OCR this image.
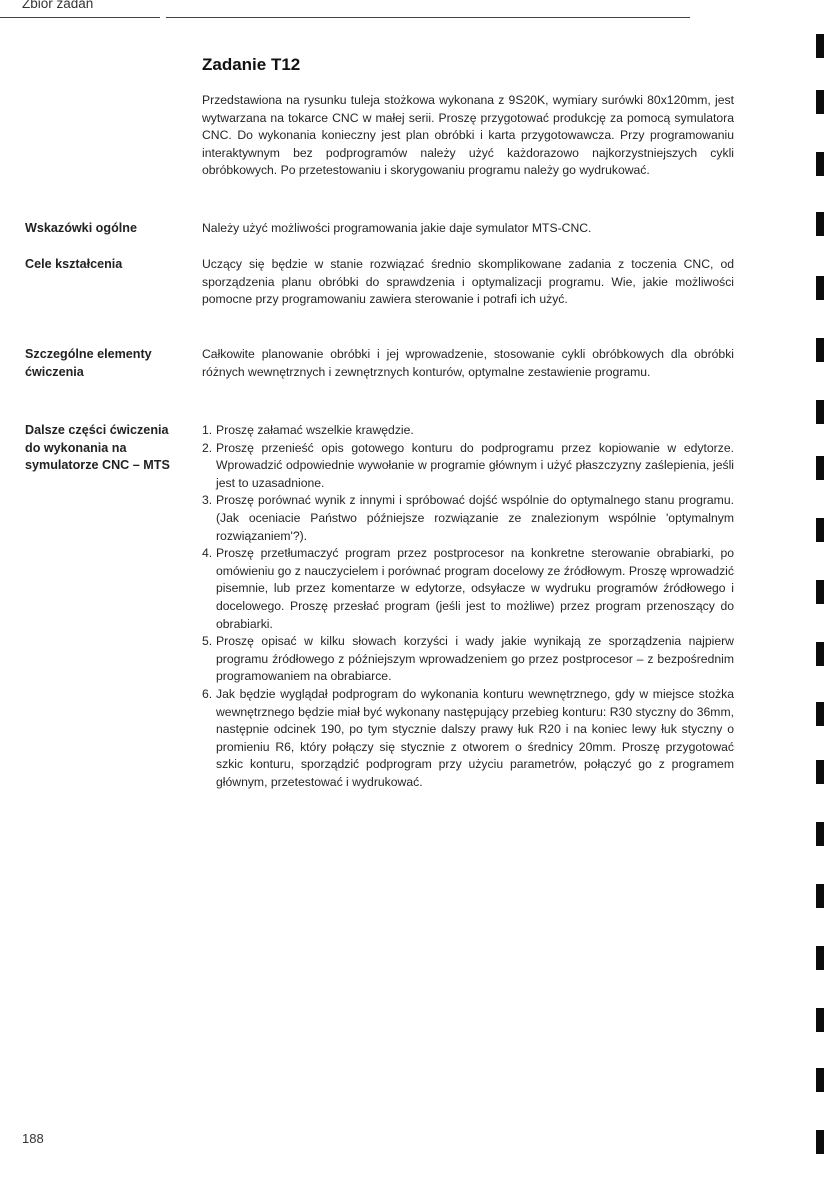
Zbiór zadań
Zadanie T12

Przedstawiona na rysunku tuleja stożkowa wykonana z 9S20K, wymiary surówki 80x120mm, jest wytwarzana na tokarce CNC w małej serii. Proszę przygotować produkcję za pomocą symulatora CNC. Do wykonania konieczny jest plan obróbki i karta przygotowawcza. Przy programowaniu interaktywnym bez podprogramów należy użyć każdorazowo najkorzystniejszych cykli obróbkowych. Po przetestowaniu i skorygowaniu programu należy go wydrukować.

Wskazówki ogólne	Należy użyć możliwości programowania jakie daje symulator MTS-CNC.

Cele kształcenia	Uczący się będzie w stanie rozwiązać średnio skomplikowane zadania z toczenia CNC, od sporządzenia planu obróbki do sprawdzenia i optymalizacji programu. Wie, jakie możliwości pomocne przy programowaniu zawiera sterowanie i potrafi ich użyć.

Szczególne elementy ćwiczenia

Całkowite planowanie obróbki i jej wprowadzenie, stosowanie cykli obróbkowych dla obróbki różnych wewnętrznych i zewnętrznych konturów, optymalne zestawienie programu.

Dalsze części ćwiczenia do wykonania na symulatorze CNC – MTS
1. Proszę załamać wszelkie krawędzie.
2. Proszę przenieść opis gotowego konturu do podprogramu przez kopiowanie w edytorze. Wprowadzić odpowiednie wywołanie w programie głównym i użyć płaszczyzny zaślepienia, jeśli jest to uzasadnione.
3. Proszę porównać wynik z innymi i spróbować dojść wspólnie do optymalnego stanu programu. (Jak oceniacie Państwo późniejsze rozwiązanie ze znalezionym wspólnie 'optymalnym rozwiązaniem'?).
4. Proszę przetłumaczyć program przez postprocesor na konkretne sterowanie obrabiarki, po omówieniu go z nauczycielem i porównać program docelowy ze źródłowym. Proszę wprowadzić pisemnie, lub przez komentarze w edytorze, odsyłacze w wydruku programów źródłowego i docelowego. Proszę przesłać program (jeśli jest to możliwe) przez program przenoszący do obrabiarki.
5. Proszę opisać w kilku słowach korzyści i wady jakie wynikają ze sporządzenia najpierw programu źródłowego z późniejszym wprowadzeniem go przez postprocesor – z bezpośrednim programowaniem na obrabiarce.
6. Jak będzie wyglądał podprogram do wykonania konturu wewnętrznego, gdy w miejsce stożka wewnętrznego będzie miał być wykonany następujący przebieg konturu: R30 styczny do 36mm, następnie odcinek 190, po tym stycznie dalszy prawy łuk R20 i na koniec lewy łuk styczny o promieniu R6, który połączy się stycznie z otworem o średnicy 20mm. Proszę przygotować szkic konturu, sporządzić podprogram przy użyciu parametrów, połączyć go z programem głównym, przetestować i wydrukować.
188
